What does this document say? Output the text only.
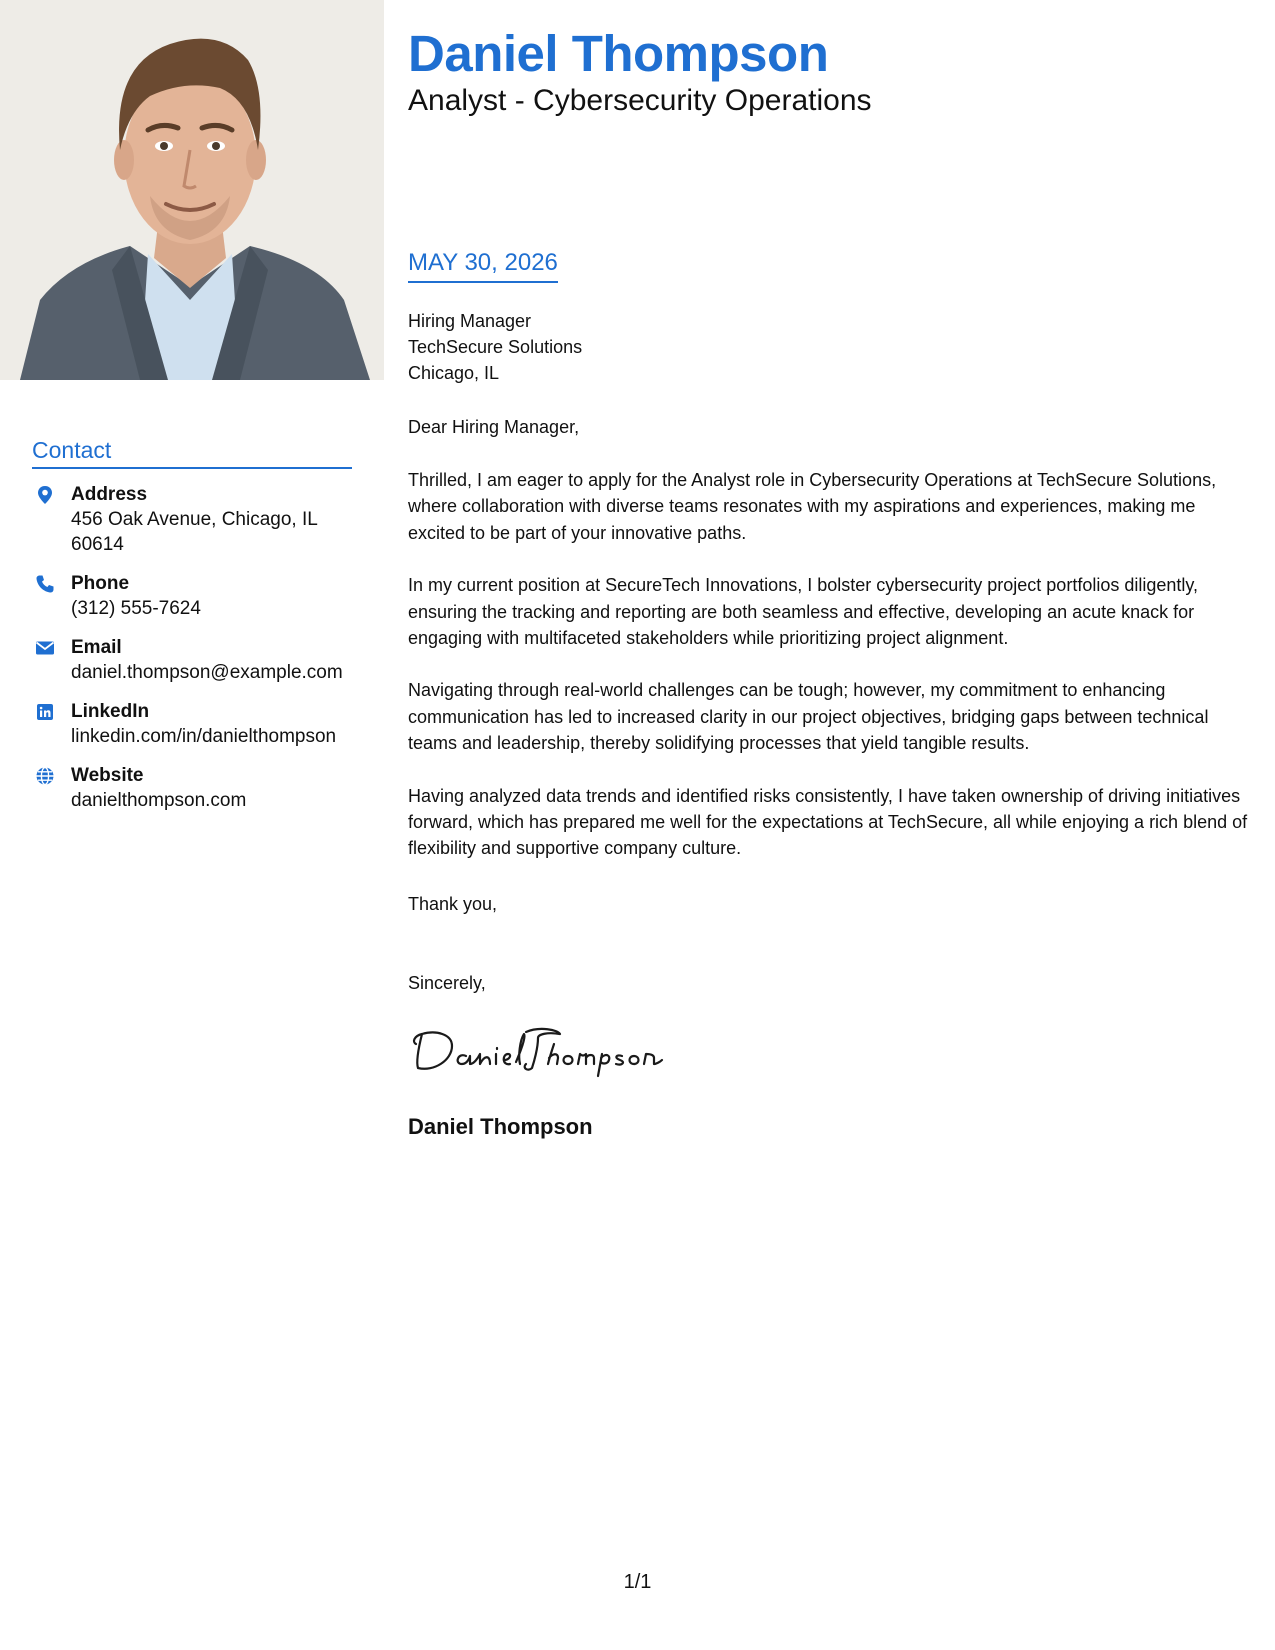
Contact
Address
456 Oak Avenue, Chicago, IL 60614
Phone
(312) 555-7624
Email
daniel.thompson@example.com
LinkedIn
linkedin.com/in/danielthompson
Website
danielthompson.com
Daniel Thompson
Analyst - Cybersecurity Operations
MAY 30, 2026
Hiring Manager
TechSecure Solutions
Chicago, IL
Dear Hiring Manager,

Thrilled, I am eager to apply for the Analyst role in Cybersecurity Operations at TechSecure Solutions, where collaboration with diverse teams resonates with my aspirations and experiences, making me excited to be part of your innovative paths.

In my current position at SecureTech Innovations, I bolster cybersecurity project portfolios diligently, ensuring the tracking and reporting are both seamless and effective, developing an acute knack for engaging with multifaceted stakeholders while prioritizing project alignment.

Navigating through real-world challenges can be tough; however, my commitment to enhancing communication has led to increased clarity in our project objectives, bridging gaps between technical teams and leadership, thereby solidifying processes that yield tangible results.

Having analyzed data trends and identified risks consistently, I have taken ownership of driving initiatives forward, which has prepared me well for the expectations at TechSecure, all while enjoying a rich blend of flexibility and supportive company culture.

Thank you,
Sincerely,
Daniel Thompson
1/1
